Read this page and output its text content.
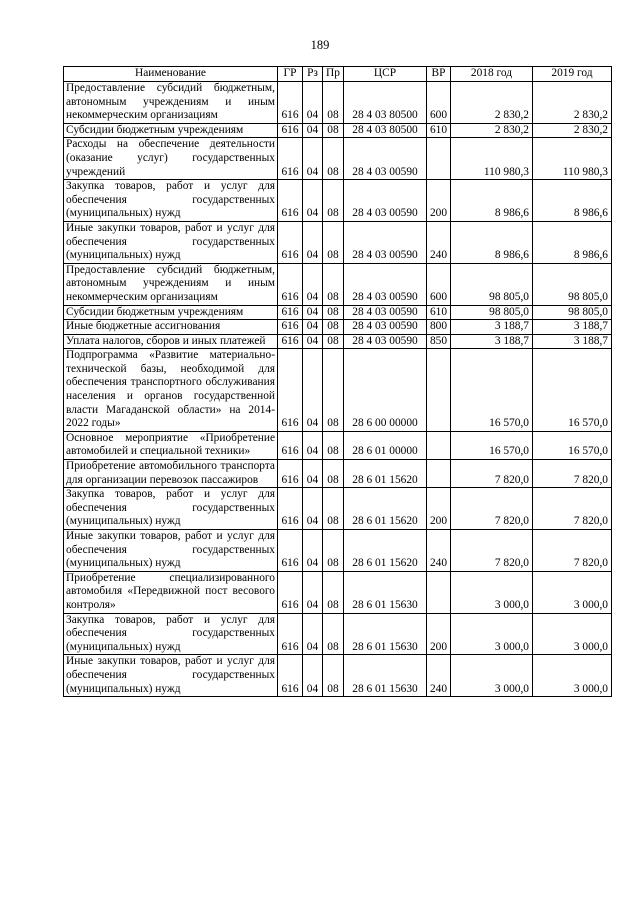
189
Наименование	ГР	Рз	Пр	ЦСР	ВР	2018 год	2019 год
Предоставление субсидий бюджетным, автономным учреждениям и иным некоммерческим организациям	616	04	08	28 4 03 80500	600	2 830,2	2 830,2
Субсидии бюджетным учреждениям	616	04	08	28 4 03 80500	610	2 830,2	2 830,2
Расходы на обеспечение деятельности (оказание услуг) государственных учреждений	616	04	08	28 4 03 00590		110 980,3	110 980,3
Закупка товаров, работ и услуг для обеспечения государственных (муниципальных) нужд	616	04	08	28 4 03 00590	200	8 986,6	8 986,6
Иные закупки товаров, работ и услуг для обеспечения государственных (муниципальных) нужд	616	04	08	28 4 03 00590	240	8 986,6	8 986,6
Предоставление субсидий бюджетным, автономным учреждениям и иным некоммерческим организациям	616	04	08	28 4 03 00590	600	98 805,0	98 805,0
Субсидии бюджетным учреждениям	616	04	08	28 4 03 00590	610	98 805,0	98 805,0
Иные бюджетные ассигнования	616	04	08	28 4 03 00590	800	3 188,7	3 188,7
Уплата налогов, сборов и иных платежей	616	04	08	28 4 03 00590	850	3 188,7	3 188,7
Подпрограмма «Развитие материально-технической базы, необходимой для обеспечения транспортного обслуживания населения и органов государственной власти Магаданской области» на 2014-2022 годы»	616	04	08	28 6 00 00000		16 570,0	16 570,0
Основное мероприятие «Приобретение автомобилей и специальной техники»	616	04	08	28 6 01 00000		16 570,0	16 570,0
Приобретение автомобильного транспорта для организации перевозок пассажиров	616	04	08	28 6 01 15620		7 820,0	7 820,0
Закупка товаров, работ и услуг для обеспечения государственных (муниципальных) нужд	616	04	08	28 6 01 15620	200	7 820,0	7 820,0
Иные закупки товаров, работ и услуг для обеспечения государственных (муниципальных) нужд	616	04	08	28 6 01 15620	240	7 820,0	7 820,0
Приобретение специализированного автомобиля «Передвижной пост весового контроля»	616	04	08	28 6 01 15630		3 000,0	3 000,0
Закупка товаров, работ и услуг для обеспечения государственных (муниципальных) нужд	616	04	08	28 6 01 15630	200	3 000,0	3 000,0
Иные закупки товаров, работ и услуг для обеспечения государственных (муниципальных) нужд	616	04	08	28 6 01 15630	240	3 000,0	3 000,0
